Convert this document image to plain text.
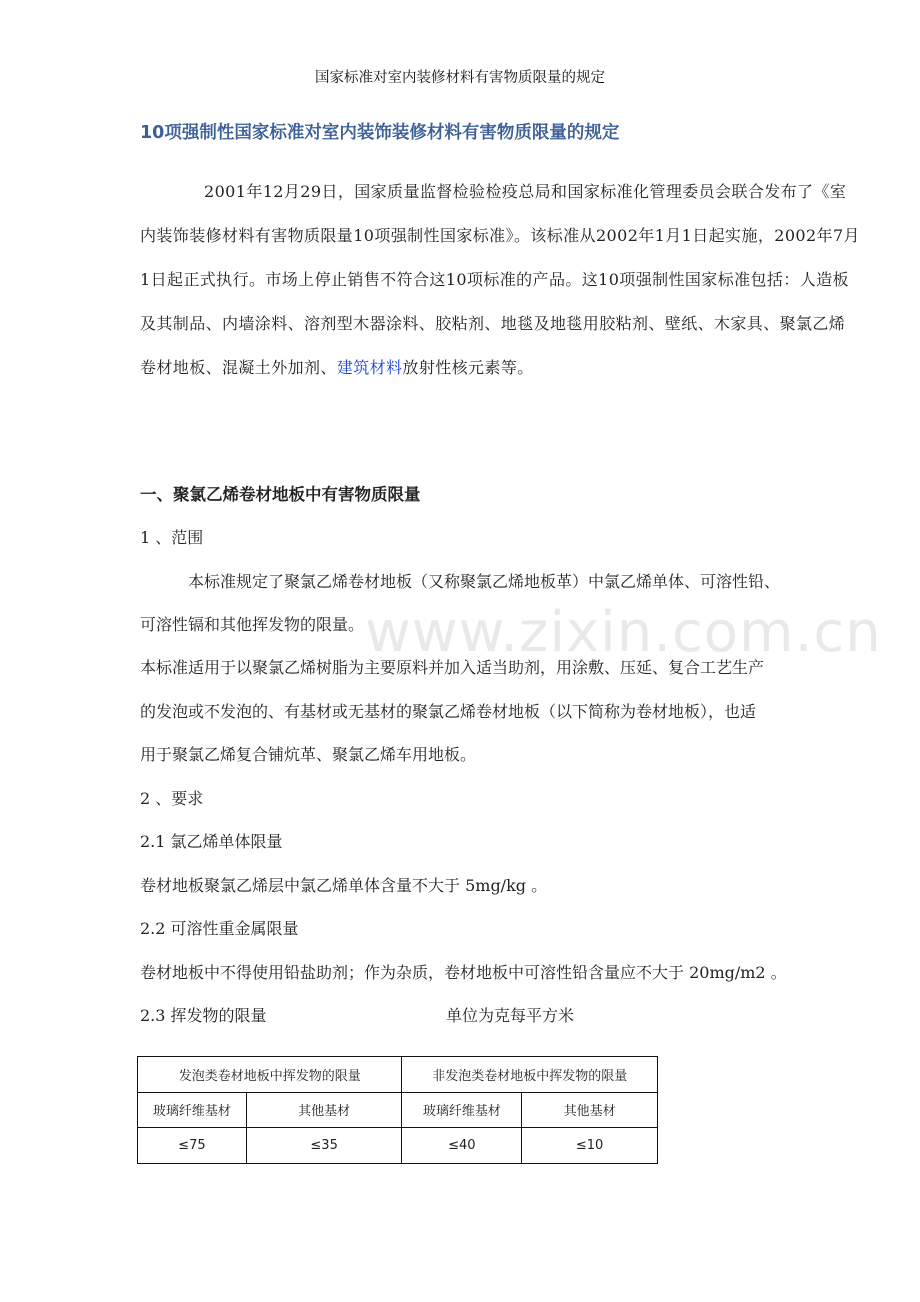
国家标准对室内装修材料有害物质限量的规定
10项强制性国家标准对室内装饰装修材料有害物质限量的规定
2001年12月29日，国家质量监督检验检疫总局和国家标准化管理委员会联合发布了《室内装饰装修材料有害物质限量10项强制性国家标准》。该标准从2002年1月1日起实施，2002年7月1日起正式执行。市场上停止销售不符合这10项标准的产品。这10项强制性国家标准包括：人造板及其制品、内墙涂料、溶剂型木器涂料、胶粘剂、地毯及地毯用胶粘剂、壁纸、木家具、聚氯乙烯卷材地板、混凝土外加剂、建筑材料放射性核元素等。
www.zixin.com.cn
一、聚氯乙烯卷材地板中有害物质限量
1 、范围
本标准规定了聚氯乙烯卷材地板（又称聚氯乙烯地板革）中氯乙烯单体、可溶性铅、
可溶性镉和其他挥发物的限量。
本标准适用于以聚氯乙烯树脂为主要原料并加入适当助剂，用涂敷、压延、复合工艺生产
的发泡或不发泡的、有基材或无基材的聚氯乙烯卷材地板（以下简称为卷材地板），也适
用于聚氯乙烯复合铺炕革、聚氯乙烯车用地板。
2 、要求
2.1 氯乙烯单体限量
卷材地板聚氯乙烯层中氯乙烯单体含量不大于 5mg/kg 。
2.2 可溶性重金属限量
卷材地板中不得使用铅盐助剂；作为杂质，卷材地板中可溶性铅含量应不大于 20mg/m2 。
2.3 挥发物的限量	单位为克每平方米
发泡类卷材地板中挥发物的限量		非发泡类卷材地板中挥发物的限量	
玻璃纤维基材	其他基材	玻璃纤维基材	其他基材
≤75	≤35	≤40	≤10
